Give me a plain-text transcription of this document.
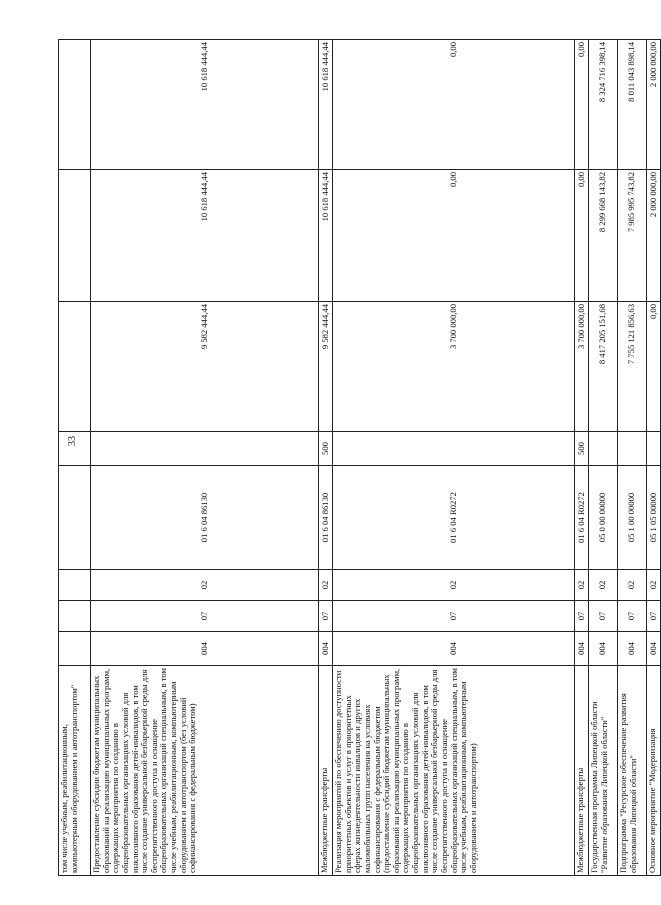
33
том числе учебным, реабилитационным, компьютерным оборудованием и автотранспортом"								
Предоставление субсидии бюджетам муниципальных образований на реализацию муниципальных программ, содержащих мероприятия по созданию в общеобразовательных организациях условий для инклюзивного образования детей-инвалидов, в том числе создание универсальной безбарьерной среды для беспрепятственного доступа и оснащение общеобразовательных организаций специальным, в том числе учебным, реабилитационным, компьютерным оборудованием и автотранспортом (без условий софинансирования с федеральным бюджетом)	004	07	02	01 6 04 86130		9 582 444,44	10 618 444,44	10 618 444,44
Межбюджетные трансферты	004	07	02	01 6 04 86130	500	9 582 444,44	10 618 444,44	10 618 444,44
Реализация мероприятий по обеспечению доступности приоритетных объектов и услуг в приоритетных сферах жизнедеятельности инвалидов и других маломобильных групп населения на условиях софинансирования с федеральным бюджетом (предоставление субсидий бюджетам муниципальных образований на реализацию муниципальных программ, содержащих мероприятия по созданию в общеобразовательных организациях условий для инклюзивного образования детей-инвалидов, в том числе создание универсальной безбарьерной среды для беспрепятственного доступа и оснащение общеобразовательных организаций специальным, в том числе учебным, реабилитационным, компьютерным оборудованием и автотранспортом)	004	07	02	01 6 04 R0272		3 700 000,00	0,00	0,00
Межбюджетные трансферты	004	07	02	01 6 04 R0272	500	3 700 000,00	0,00	0,00
Государственная программа Липецкой области "Развитие образования Липецкой области"	004	07	02	05 0 00 00000		8 417 205 151,68	8 299 668 143,82	8 324 716 398,14
Подпрограмма "Ресурсное обеспечение развития образования Липецкой области"	004	07	02	05 1 00 00000		7 755 121 856,63	7 985 995 743,82	8 011 043 898,14
Основное мероприятие "Модернизация	004	07	02	05 1 05 00000		0,00	2 000 000,00	2 000 000,00
